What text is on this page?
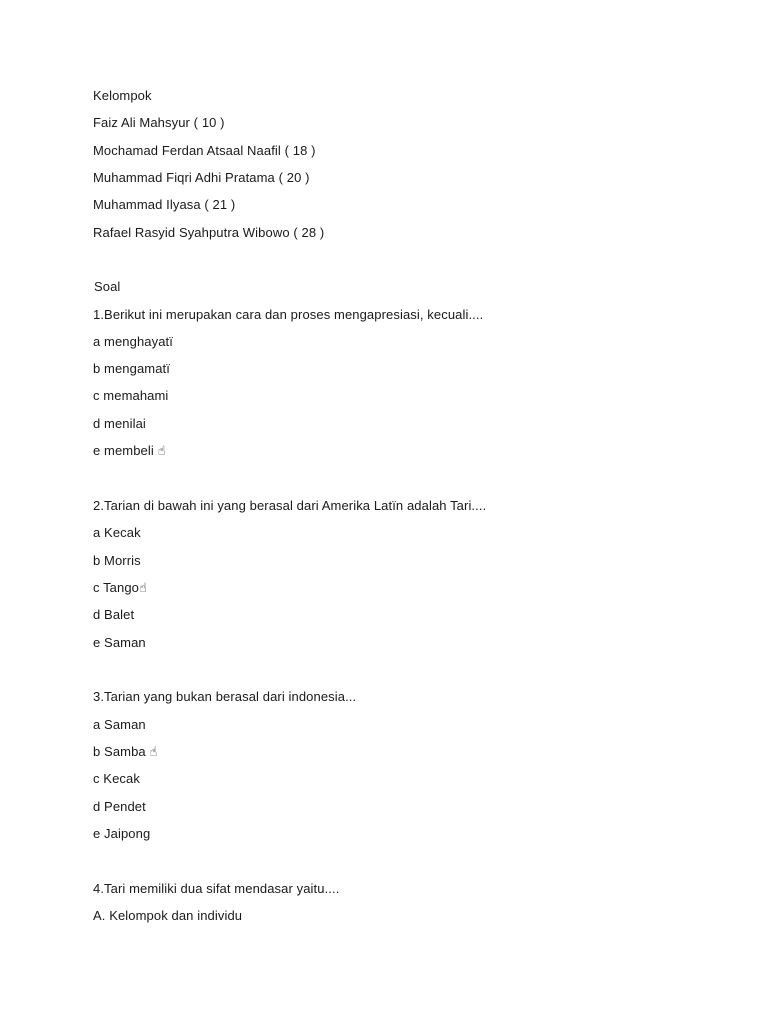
Kelompok
Faiz Ali Mahsyur ( 10 )
Mochamad Ferdan Atsaal Naafil ( 18 )
Muhammad Fiqri Adhi Pratama ( 20 )
Muhammad Ilyasa ( 21 )
Rafael Rasyid Syahputra Wibowo ( 28 )
Soal
1.Berikut ini merupakan cara dan proses mengapresiasi, kecuali....
a menghayatï
b mengamatï
c memahami
d menilai
e membeli ☝
2.Tarian di bawah ini yang berasal dari Amerika Latïn adalah Tari....
a Kecak
b Morris
c Tango☝
d Balet
e Saman
3.Tarian yang bukan berasal dari indonesia...
a Saman
b Samba ☝
c Kecak
d Pendet
e Jaipong
4.Tari memiliki dua sifat mendasar yaitu....
A. Kelompok dan individu
